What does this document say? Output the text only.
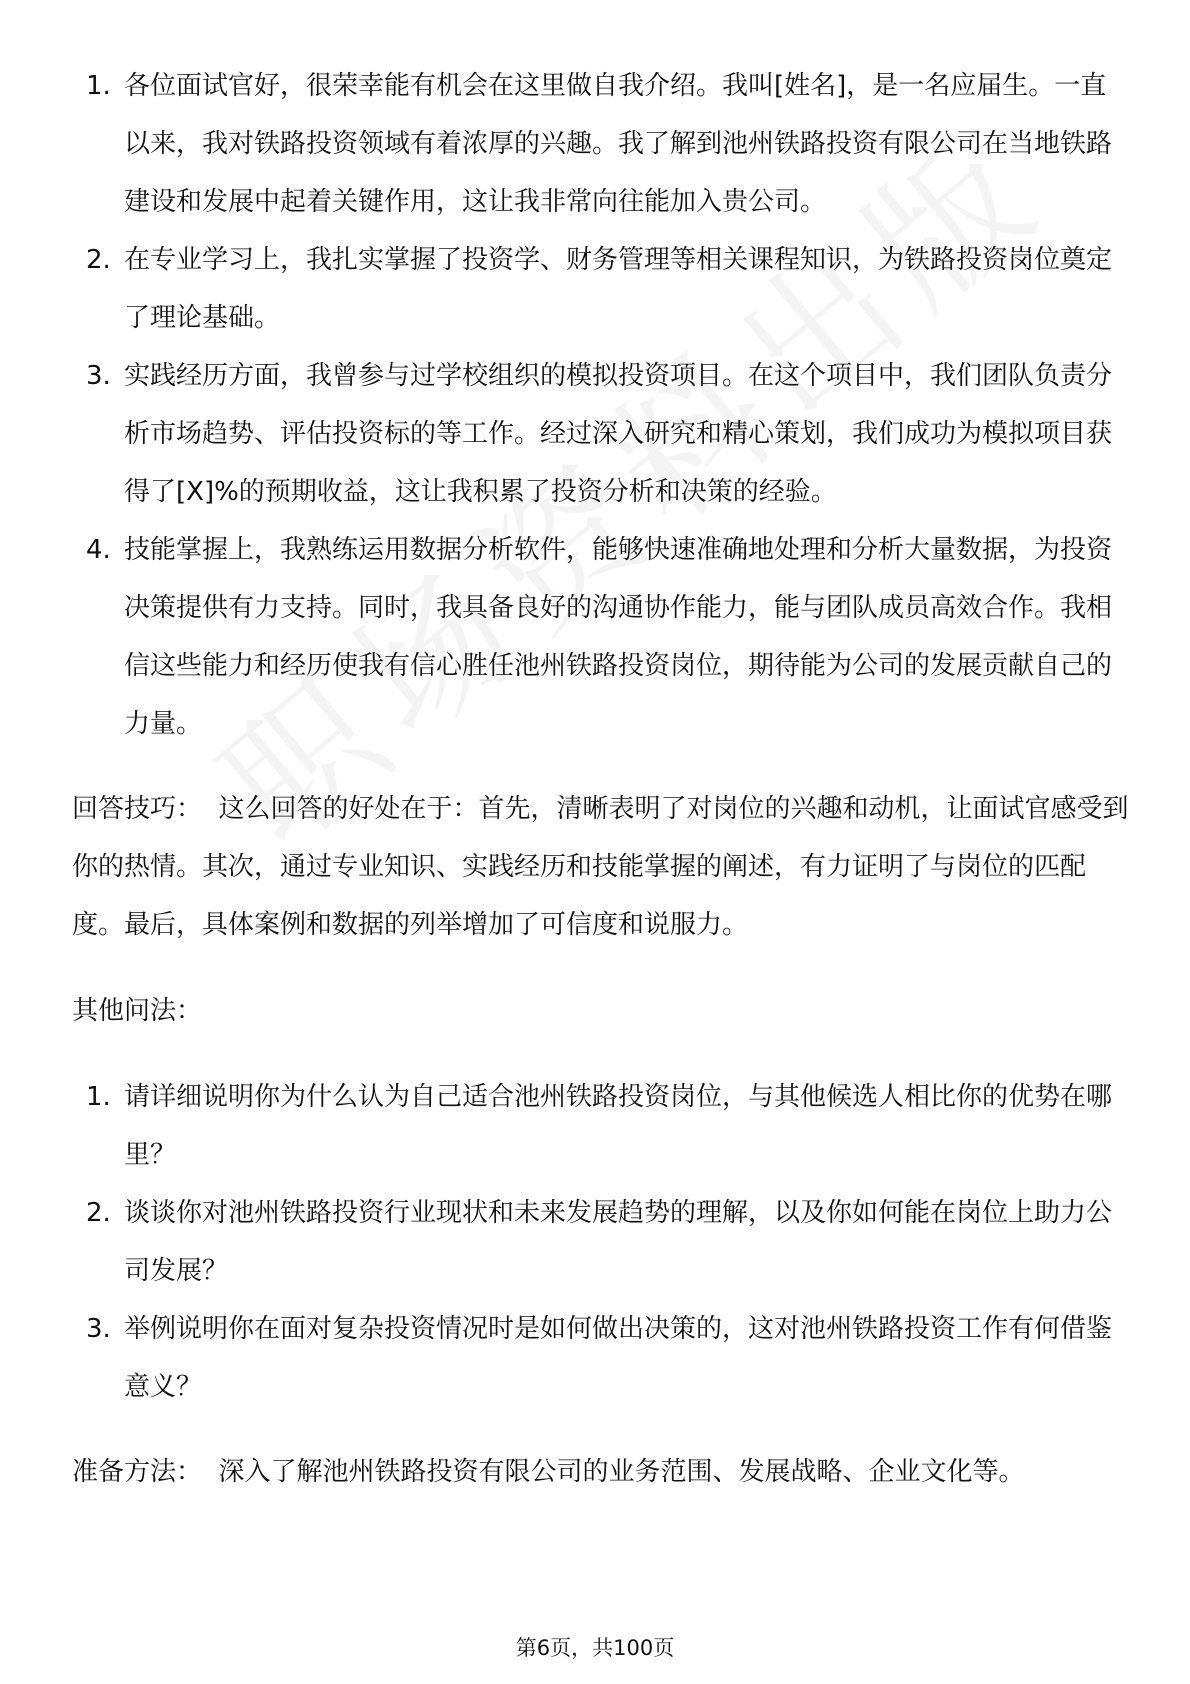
1. 各位面试官好，很荣幸能有机会在这里做自我介绍。我叫[姓名]，是一名应届生。一直以来，我对铁路投资领域有着浓厚的兴趣。我了解到池州铁路投资有限公司在当地铁路建设和发展中起着关键作用，这让我非常向往能加入贵公司。
2. 在专业学习上，我扎实掌握了投资学、财务管理等相关课程知识，为铁路投资岗位奠定了理论基础。
3. 实践经历方面，我曾参与过学校组织的模拟投资项目。在这个项目中，我们团队负责分析市场趋势、评估投资标的等工作。经过深入研究和精心策划，我们成功为模拟项目获得了[X]%的预期收益，这让我积累了投资分析和决策的经验。
4. 技能掌握上，我熟练运用数据分析软件，能够快速准确地处理和分析大量数据，为投资决策提供有力支持。同时，我具备良好的沟通协作能力，能与团队成员高效合作。我相信这些能力和经历使我有信心胜任池州铁路投资岗位，期待能为公司的发展贡献自己的力量。

回答技巧： 这么回答的好处在于：首先，清晰表明了对岗位的兴趣和动机，让面试官感受到你的热情。其次，通过专业知识、实践经历和技能掌握的阐述，有力证明了与岗位的匹配度。最后，具体案例和数据的列举增加了可信度和说服力。

其他问法：

1. 请详细说明你为什么认为自己适合池州铁路投资岗位，与其他候选人相比你的优势在哪里？
2. 谈谈你对池州铁路投资行业现状和未来发展趋势的理解，以及你如何能在岗位上助力公司发展？
3. 举例说明你在面对复杂投资情况时是如何做出决策的，这对池州铁路投资工作有何借鉴意义？

准备方法： 深入了解池州铁路投资有限公司的业务范围、发展战略、企业文化等。

第6页，共100页
